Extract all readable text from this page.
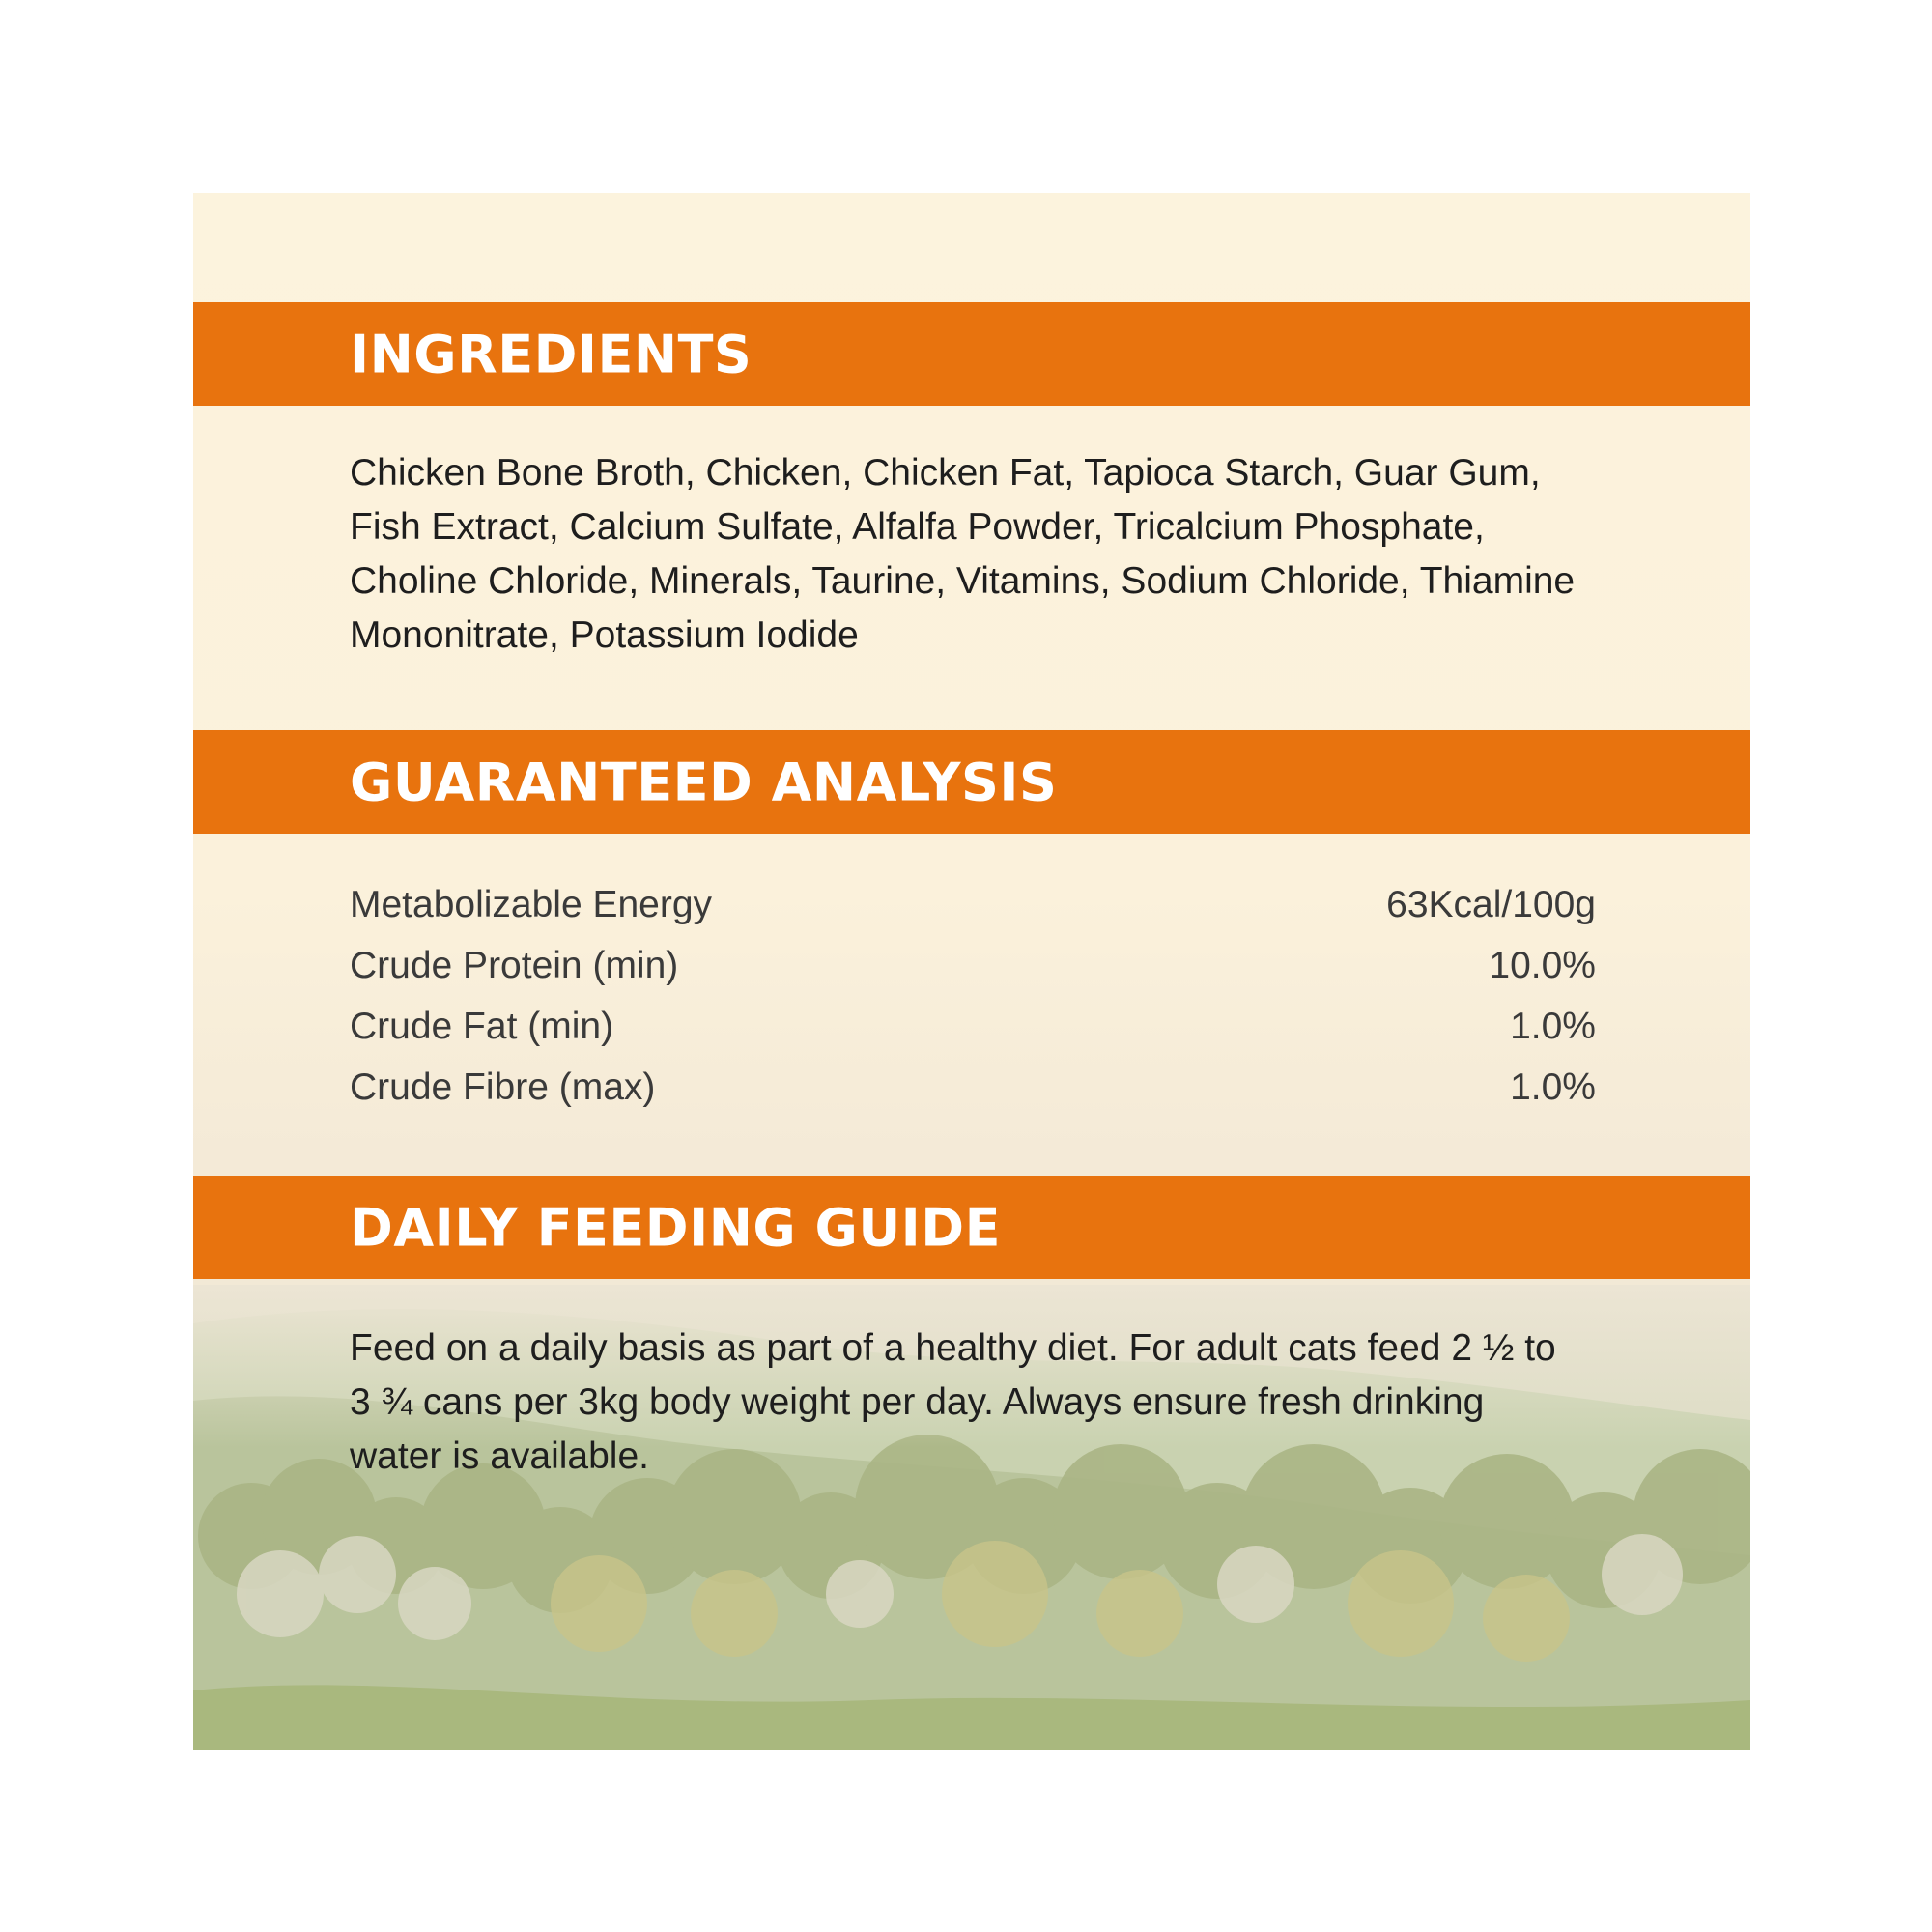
INGREDIENTS

Chicken Bone Broth, Chicken, Chicken Fat, Tapioca Starch, Guar Gum, Fish Extract, Calcium Sulfate, Alfalfa Powder, Tricalcium Phosphate, Choline Chloride, Minerals, Taurine, Vitamins, Sodium Chloride, Thiamine Mononitrate, Potassium Iodide

GUARANTEED ANALYSIS
Metabolizable Energy	63Kcal/100g
Crude Protein (min)	10.0%
Crude Fat (min)	1.0%
Crude Fibre (max)	1.0%
DAILY FEEDING GUIDE

Feed on a daily basis as part of a healthy diet. For adult cats feed 2 ½ to 3 ¾ cans per 3kg body weight per day. Always ensure fresh drinking water is available.
